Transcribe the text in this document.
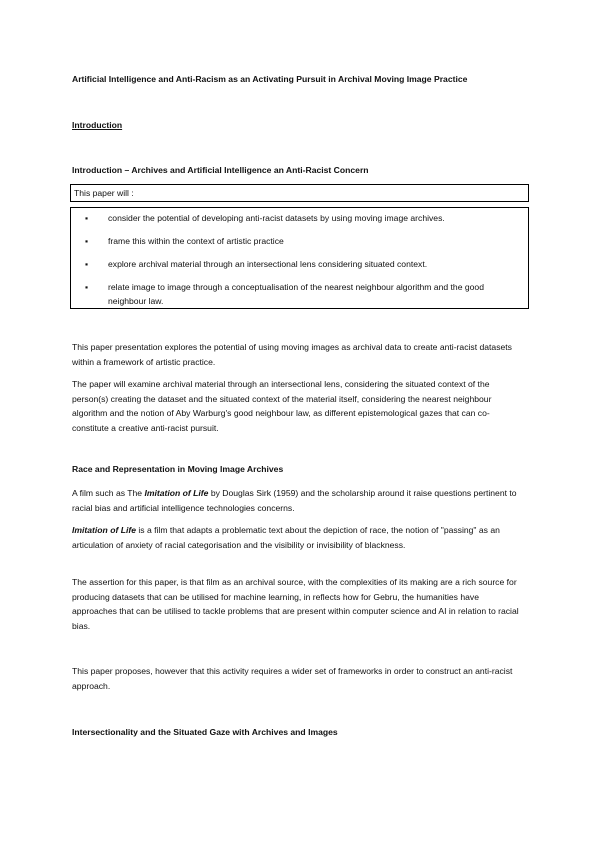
Artificial Intelligence and Anti-Racism as an Activating Pursuit in Archival Moving Image Practice

Introduction

Introduction – Archives and Artificial Intelligence an Anti-Racist Concern

This paper will :
▪ consider the potential of developing anti-racist datasets by using moving image archives.
▪ frame this within the context of artistic practice
▪ explore archival material through an intersectional lens considering situated context.
▪ relate image to image through a conceptualisation of the nearest neighbour algorithm and the good neighbour law.

This paper presentation explores the potential of using moving images as archival data to create anti-racist datasets within a framework of artistic practice.

The paper will examine archival material through an intersectional lens, considering the situated context of the person(s) creating the dataset and the situated context of the material itself, considering the nearest neighbour algorithm and the notion of Aby Warburg's good neighbour law, as different epistemological gazes that can co-constitute a creative anti-racist pursuit.

Race and Representation in Moving Image Archives

A film such as The Imitation of Life by Douglas Sirk (1959) and the scholarship around it raise questions pertinent to racial bias and artificial intelligence technologies concerns.

Imitation of Life is a film that adapts a problematic text about the depiction of race, the notion of "passing" as an articulation of anxiety of racial categorisation and the visibility or invisibility of blackness.

The assertion for this paper, is that film as an archival source, with the complexities of its making are a rich source for producing datasets that can be utilised for machine learning, in reflects how for Gebru, the humanities have approaches that can be utilised to tackle problems that are present within computer science and AI in relation to racial bias.

This paper proposes, however that this activity requires a wider set of frameworks in order to construct an anti-racist approach.

Intersectionality and the Situated Gaze with Archives and Images
